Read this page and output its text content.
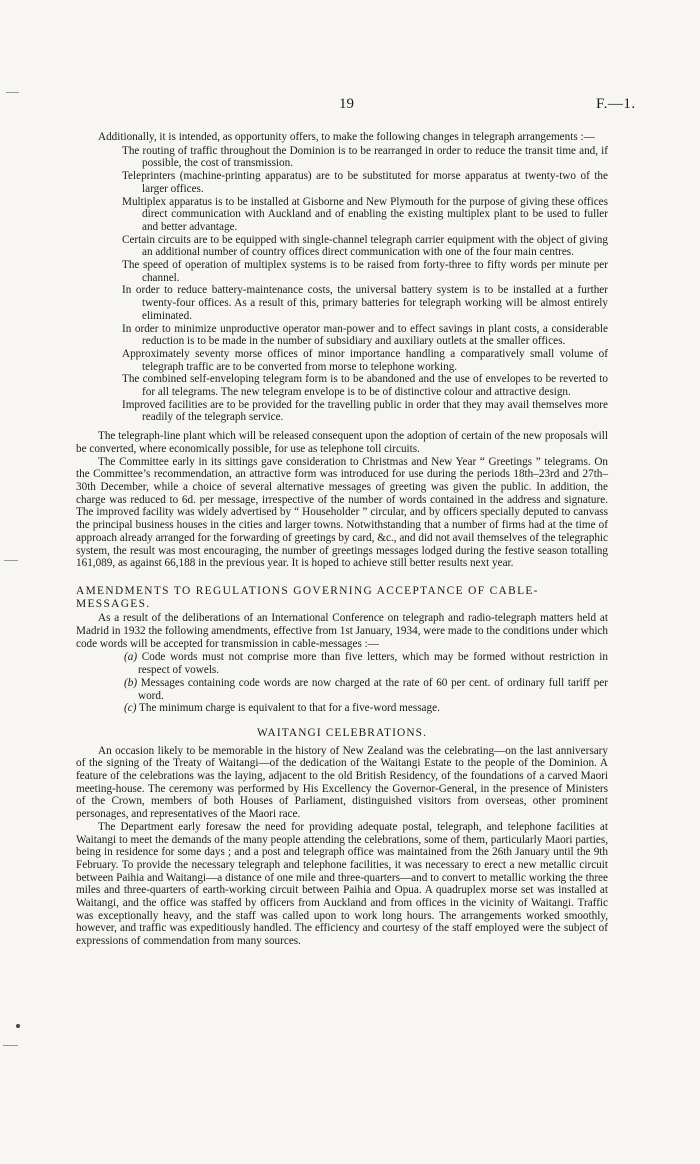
19	F.—1.

Additionally, it is intended, as opportunity offers, to make the following changes in telegraph arrangements :—

The routing of traffic throughout the Dominion is to be rearranged in order to reduce the transit time and, if possible, the cost of transmission.

Teleprinters (machine-printing apparatus) are to be substituted for morse apparatus at twenty-two of the larger offices.

Multiplex apparatus is to be installed at Gisborne and New Plymouth for the purpose of giving these offices direct communication with Auckland and of enabling the existing multiplex plant to be used to fuller and better advantage.

Certain circuits are to be equipped with single-channel telegraph carrier equipment with the object of giving an additional number of country offices direct communication with one of the four main centres.

The speed of operation of multiplex systems is to be raised from forty-three to fifty words per minute per channel.

In order to reduce battery-maintenance costs, the universal battery system is to be installed at a further twenty-four offices. As a result of this, primary batteries for telegraph working will be almost entirely eliminated.

In order to minimize unproductive operator man-power and to effect savings in plant costs, a considerable reduction is to be made in the number of subsidiary and auxiliary outlets at the smaller offices.

Approximately seventy morse offices of minor importance handling a comparatively small volume of telegraph traffic are to be converted from morse to telephone working.

The combined self-enveloping telegram form is to be abandoned and the use of envelopes to be reverted to for all telegrams. The new telegram envelope is to be of distinctive colour and attractive design.

Improved facilities are to be provided for the travelling public in order that they may avail themselves more readily of the telegraph service.

The telegraph-line plant which will be released consequent upon the adoption of certain of the new proposals will be converted, where economically possible, for use as telephone toll circuits.

The Committee early in its sittings gave consideration to Christmas and New Year “ Greetings ” telegrams. On the Committee’s recommendation, an attractive form was introduced for use during the periods 18th–23rd and 27th–30th December, while a choice of several alternative messages of greeting was given the public. In addition, the charge was reduced to 6d. per message, irrespective of the number of words contained in the address and signature. The improved facility was widely advertised by “ Householder ” circular, and by officers specially deputed to canvass the principal business houses in the cities and larger towns. Notwithstanding that a number of firms had at the time of approach already arranged for the forwarding of greetings by card, &c., and did not avail themselves of the telegraphic system, the result was most encouraging, the number of greetings messages lodged during the festive season totalling 161,089, as against 66,188 in the previous year. It is hoped to achieve still better results next year.

AMENDMENTS TO REGULATIONS GOVERNING ACCEPTANCE OF CABLE-MESSAGES.

As a result of the deliberations of an International Conference on telegraph and radio-telegraph matters held at Madrid in 1932 the following amendments, effective from 1st January, 1934, were made to the conditions under which code words will be accepted for transmission in cable-messages :—

(a) Code words must not comprise more than five letters, which may be formed without restriction in respect of vowels.

(b) Messages containing code words are now charged at the rate of 60 per cent. of ordinary full tariff per word.

(c) The minimum charge is equivalent to that for a five-word message.

WAITANGI CELEBRATIONS.

An occasion likely to be memorable in the history of New Zealand was the celebrating—on the last anniversary of the signing of the Treaty of Waitangi—of the dedication of the Waitangi Estate to the people of the Dominion. A feature of the celebrations was the laying, adjacent to the old British Residency, of the foundations of a carved Maori meeting-house. The ceremony was performed by His Excellency the Governor-General, in the presence of Ministers of the Crown, members of both Houses of Parliament, distinguished visitors from overseas, other prominent personages, and representatives of the Maori race.

The Department early foresaw the need for providing adequate postal, telegraph, and telephone facilities at Waitangi to meet the demands of the many people attending the celebrations, some of them, particularly Maori parties, being in residence for some days ; and a post and telegraph office was maintained from the 26th January until the 9th February. To provide the necessary telegraph and telephone facilities, it was necessary to erect a new metallic circuit between Paihia and Waitangi—a distance of one mile and three-quarters—and to convert to metallic working the three miles and three-quarters of earth-working circuit between Paihia and Opua. A quadruplex morse set was installed at Waitangi, and the office was staffed by officers from Auckland and from offices in the vicinity of Waitangi. Traffic was exceptionally heavy, and the staff was called upon to work long hours. The arrangements worked smoothly, however, and traffic was expeditiously handled. The efficiency and courtesy of the staff employed were the subject of expressions of commendation from many sources.
